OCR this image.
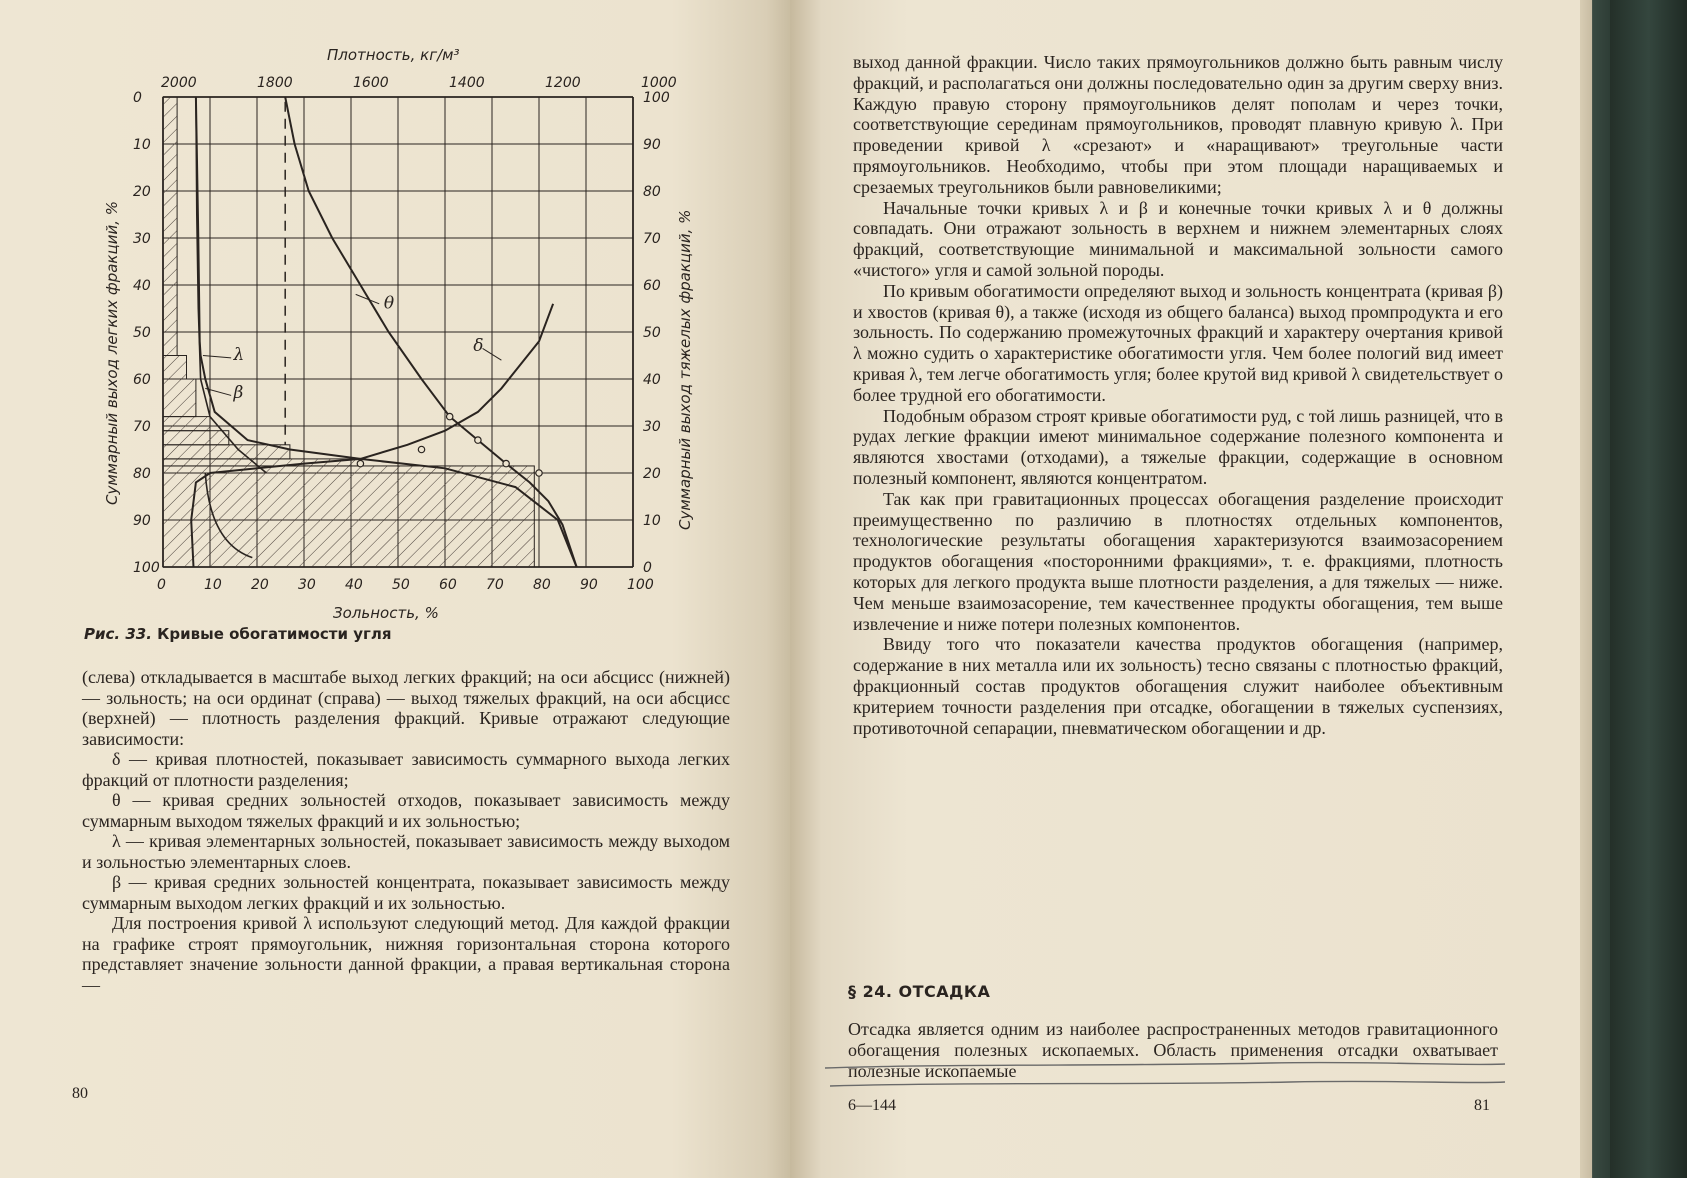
0	10 20 30 40 50 60 70 80 90 100
0
10
20
30
40
50
60
70
80
90
100
100
90
80
70
60
50
40
30
20
10
0
2000	1800	1600	1400	1200	1000
θ
δ
λ
β
Плотность, кг/м³
Зольность, %
Суммарный выход легких фракций, %	Суммарный выход тяжелых фракций, %
Рис. 33. Кривые обогатимости угля

(слева) откладывается в масштабе выход легких фракций; на оси абсцисс (нижней) — зольность; на оси ординат (справа) — выход тяжелых фракций, на оси абсцисс (верхней) — плотность разделения фракций. Кривые отражают следующие зависимости:

δ — кривая плотностей, показывает зависимость суммарного выхода легких фракций от плотности разделения;

θ — кривая средних зольностей отходов, показывает зависимость между суммарным выходом тяжелых фракций и их зольностью;

λ — кривая элементарных зольностей, показывает зависимость между выходом и зольностью элементарных слоев.

β — кривая средних зольностей концентрата, показывает зависимость между суммарным выходом легких фракций и их зольностью.

Для построения кривой λ используют следующий метод. Для каждой фракции на графике строят прямоугольник, нижняя горизонтальная сторона которого представляет значение зольности данной фракции, а правая вертикальная сторона —

80

выход данной фракции. Число таких прямоугольников должно быть равным числу фракций, и располагаться они должны последовательно один за другим сверху вниз. Каждую правую сторону прямоугольников делят пополам и через точки, соответствующие серединам прямоугольников, проводят плавную кривую λ. При проведении кривой λ «срезают» и «наращивают» треугольные части прямоугольников. Необходимо, чтобы при этом площади наращиваемых и срезаемых треугольников были равновеликими;

Начальные точки кривых λ и β и конечные точки кривых λ и θ должны совпадать. Они отражают зольность в верхнем и нижнем элементарных слоях фракций, соответствующие минимальной и максимальной зольности самого «чистого» угля и самой зольной породы.

По кривым обогатимости определяют выход и зольность концентрата (кривая β) и хвостов (кривая θ), а также (исходя из общего баланса) выход промпродукта и его зольность. По содержанию промежуточных фракций и характеру очертания кривой λ можно судить о характеристике обогатимости угля. Чем более пологий вид имеет кривая λ, тем легче обогатимость угля; более крутой вид кривой λ свидетельствует о более трудной его обогатимости.

Подобным образом строят кривые обогатимости руд, с той лишь разницей, что в рудах легкие фракции имеют минимальное содержание полезного компонента и являются хвостами (отходами), а тяжелые фракции, содержащие в основном полезный компонент, являются концентратом.

Так как при гравитационных процессах обогащения разделение происходит преимущественно по различию в плотностях отдельных компонентов, технологические результаты обогащения характеризуются взаимозасорением продуктов обогащения «посторонними фракциями», т. е. фракциями, плотность которых для легкого продукта выше плотности разделения, а для тяжелых — ниже. Чем меньше взаимозасорение, тем качественнее продукты обогащения, тем выше извлечение и ниже потери полезных компонентов.

Ввиду того что показатели качества продуктов обогащения (например, содержание в них металла или их зольность) тесно связаны с плотностью фракций, фракционный состав продуктов обогащения служит наиболее объективным критерием точности разделения при отсадке, обогащении в тяжелых суспензиях, противоточной сепарации, пневматическом обогащении и др.

§ 24. ОТСАДКА

Отсадка является одним из наиболее распространенных методов гравитационного обогащения полезных ископаемых. Область применения отсадки охватывает полезные ископаемые

6—144	81
